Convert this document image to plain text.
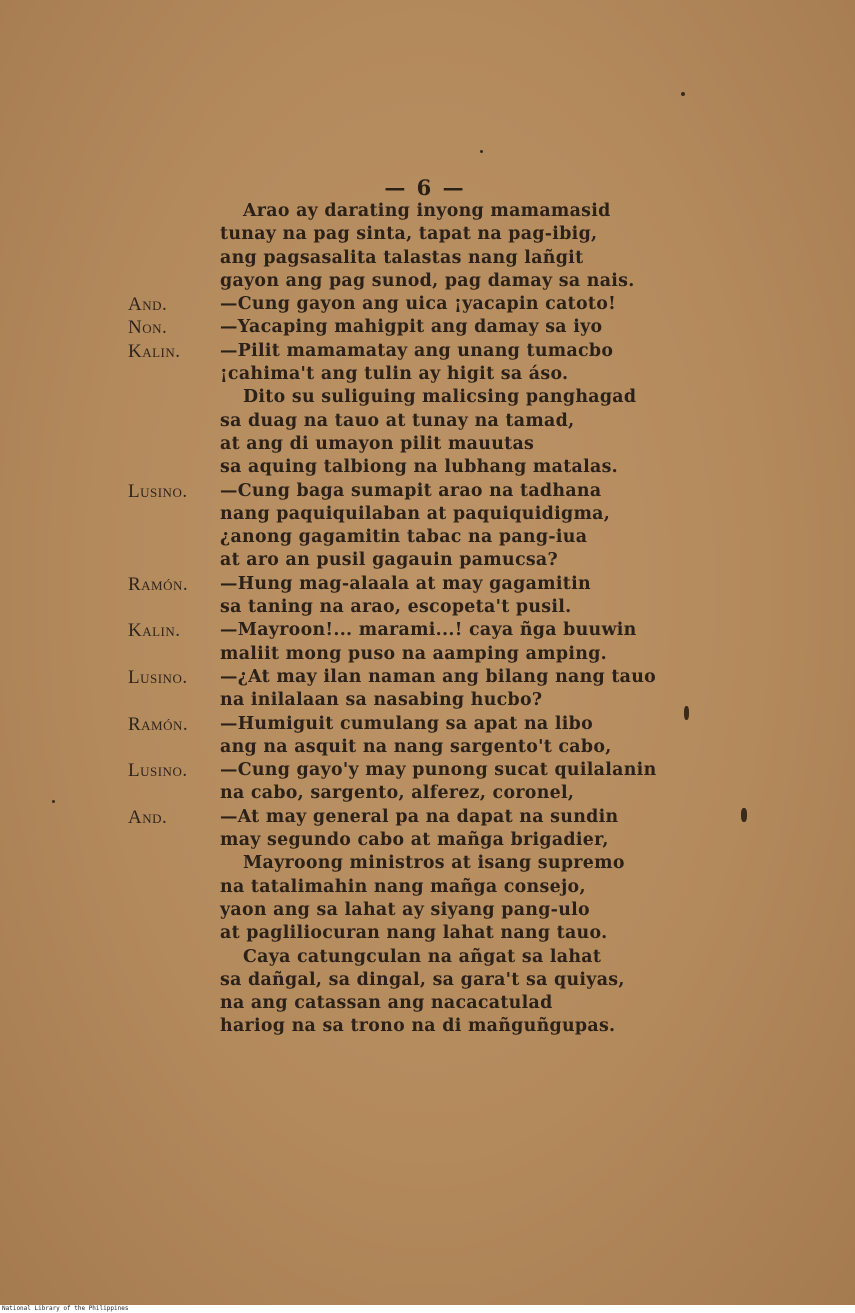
— 6 —
Arao ay darating inyong mamamasid
tunay na pag sinta, tapat na pag-ibig,
ang pagsasalita talastas nang lañgit
gayon ang pag sunod, pag damay sa nais.
And.	—Cung gayon ang uica ¡yacapin catoto!
Non.	—Yacaping mahigpit ang damay sa iyo
Kalin. —Pilit mamamatay ang unang tumacbo
¡cahima't ang tulin ay higit sa áso.
Dito su suliguing malicsing panghagad
sa duag na tauo at tunay na tamad,
at ang di umayon pilit mauutas
sa aquing talbiong na lubhang matalas.
Lusino. —Cung baga sumapit arao na tadhana
nang paquiquilaban at paquiquidigma,
¿anong gagamitin tabac na pang-iua
at aro an pusil gagauin pamucsa?
Ramón. —Hung mag-alaala at may gagamitin
sa taning na arao, escopeta't pusil.
Kalin. —Mayroon!... marami...! caya ñga buuwin
maliit mong puso na aamping amping.
Lusino. —¿At may ilan naman ang bilang nang tauo
na inilalaan sa nasabing hucbo?
Ramón. —Humiguit cumulang sa apat na libo
ang na asquit na nang sargento't cabo,
Lusino. —Cung gayo'y may punong sucat quilalanin
na cabo, sargento, alferez, coronel,
And.	—At may general pa na dapat na sundin
may segundo cabo at mañga brigadier,
Mayroong ministros at isang supremo
na tatalimahin nang mañga consejo,
yaon ang sa lahat ay siyang pang-ulo
at pagliliocuran nang lahat nang tauo.
Caya catungculan na añgat sa lahat
sa dañgal, sa dingal, sa gara't sa quiyas,
na ang catassan ang nacacatulad
hariog na sa trono na di mañguñgupas.
National Library of the Philippines
